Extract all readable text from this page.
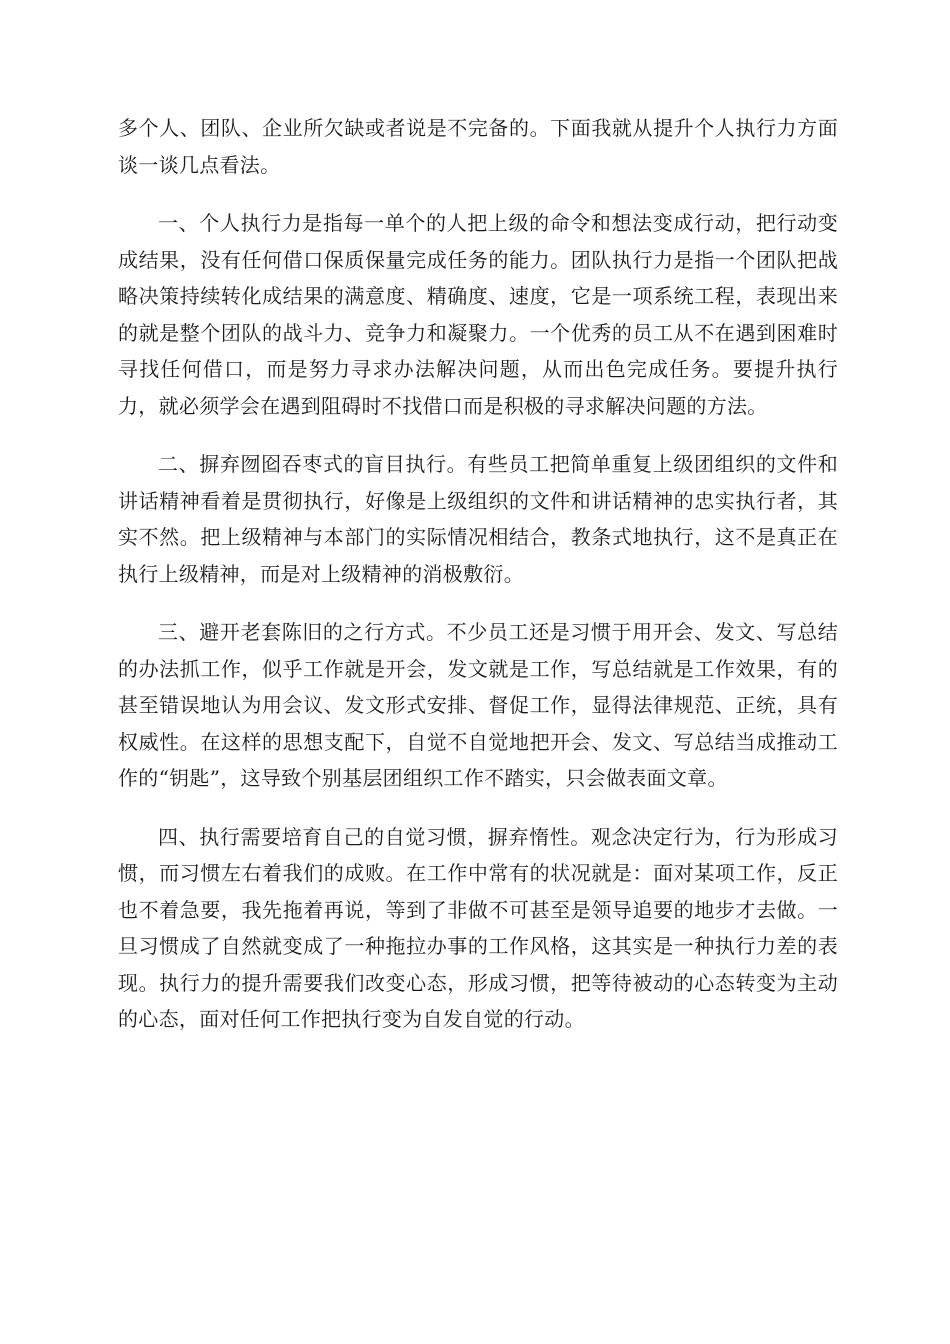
多个人、团队、企业所欠缺或者说是不完备的。下面我就从提升个人执行力方面谈一谈几点看法。

一、个人执行力是指每一单个的人把上级的命令和想法变成行动，把行动变成结果，没有任何借口保质保量完成任务的能力。团队执行力是指一个团队把战略决策持续转化成结果的满意度、精确度、速度，它是一项系统工程，表现出来的就是整个团队的战斗力、竞争力和凝聚力。一个优秀的员工从不在遇到困难时寻找任何借口，而是努力寻求办法解决问题，从而出色完成任务。要提升执行力，就必须学会在遇到阻碍时不找借口而是积极的寻求解决问题的方法。

二、摒弃囫囵吞枣式的盲目执行。有些员工把简单重复上级团组织的文件和讲话精神看着是贯彻执行，好像是上级组织的文件和讲话精神的忠实执行者，其实不然。把上级精神与本部门的实际情况相结合，教条式地执行，这不是真正在执行上级精神，而是对上级精神的消极敷衍。

三、避开老套陈旧的之行方式。不少员工还是习惯于用开会、发文、写总结的办法抓工作，似乎工作就是开会，发文就是工作，写总结就是工作效果，有的甚至错误地认为用会议、发文形式安排、督促工作，显得法律规范、正统，具有权威性。在这样的思想支配下，自觉不自觉地把开会、发文、写总结当成推动工作的“钥匙”，这导致个别基层团组织工作不踏实，只会做表面文章。

四、执行需要培育自己的自觉习惯，摒弃惰性。观念决定行为，行为形成习惯，而习惯左右着我们的成败。在工作中常有的状况就是：面对某项工作，反正也不着急要，我先拖着再说，等到了非做不可甚至是领导追要的地步才去做。一旦习惯成了自然就变成了一种拖拉办事的工作风格，这其实是一种执行力差的表现。执行力的提升需要我们改变心态，形成习惯，把等待被动的心态转变为主动的心态，面对任何工作把执行变为自发自觉的行动。
